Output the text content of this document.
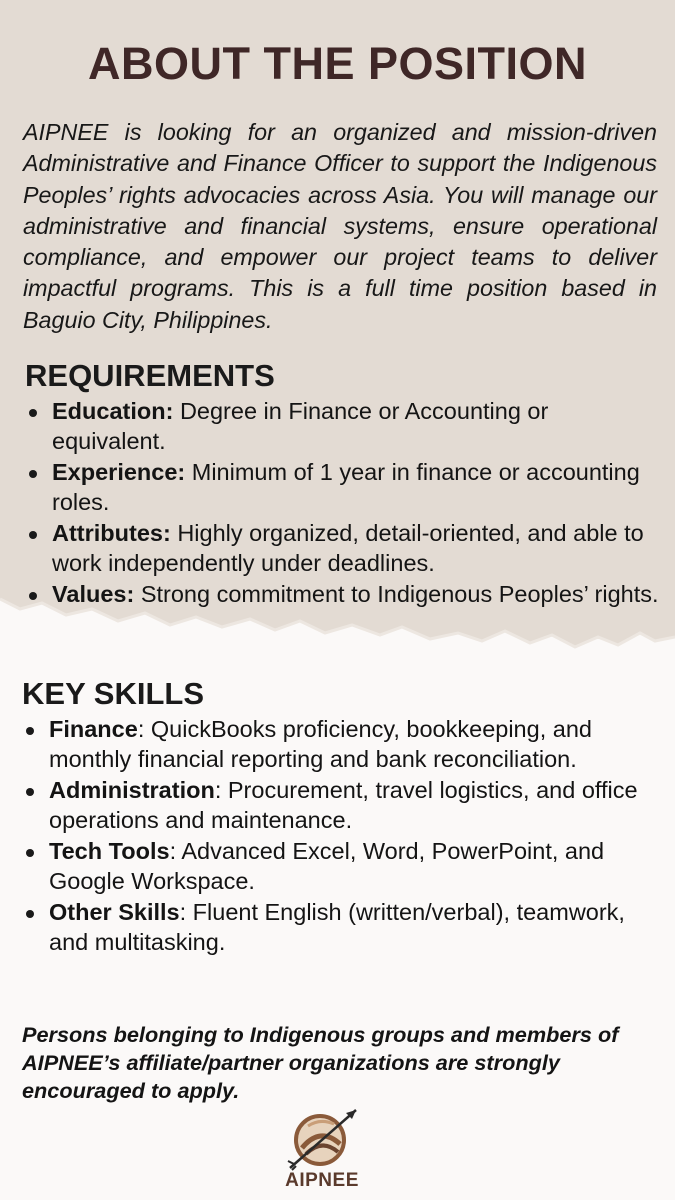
ABOUT THE POSITION

AIPNEE is looking for an organized and mission-driven Administrative and Finance Officer to support the Indigenous Peoples’ rights advocacies across Asia. You will manage our administrative and financial systems, ensure operational compliance, and empower our project teams to deliver impactful programs. This is a full time position based in Baguio City, Philippines.

REQUIREMENTS
Education: Degree in Finance or Accounting or equivalent.
Experience: Minimum of 1 year in finance or accounting roles.
Attributes: Highly organized, detail-oriented, and able to work independently under deadlines.
Values: Strong commitment to Indigenous Peoples’ rights.
KEY SKILLS
Finance: QuickBooks proficiency, bookkeeping, and monthly financial reporting and bank reconciliation.
Administration: Procurement, travel logistics, and office operations and maintenance.
Tech Tools: Advanced Excel, Word, PowerPoint, and Google Workspace.
Other Skills: Fluent English (written/verbal), teamwork, and multitasking.

Persons belonging to Indigenous groups and members of AIPNEE’s affiliate/partner organizations are strongly encouraged to apply.

AIPNEE
